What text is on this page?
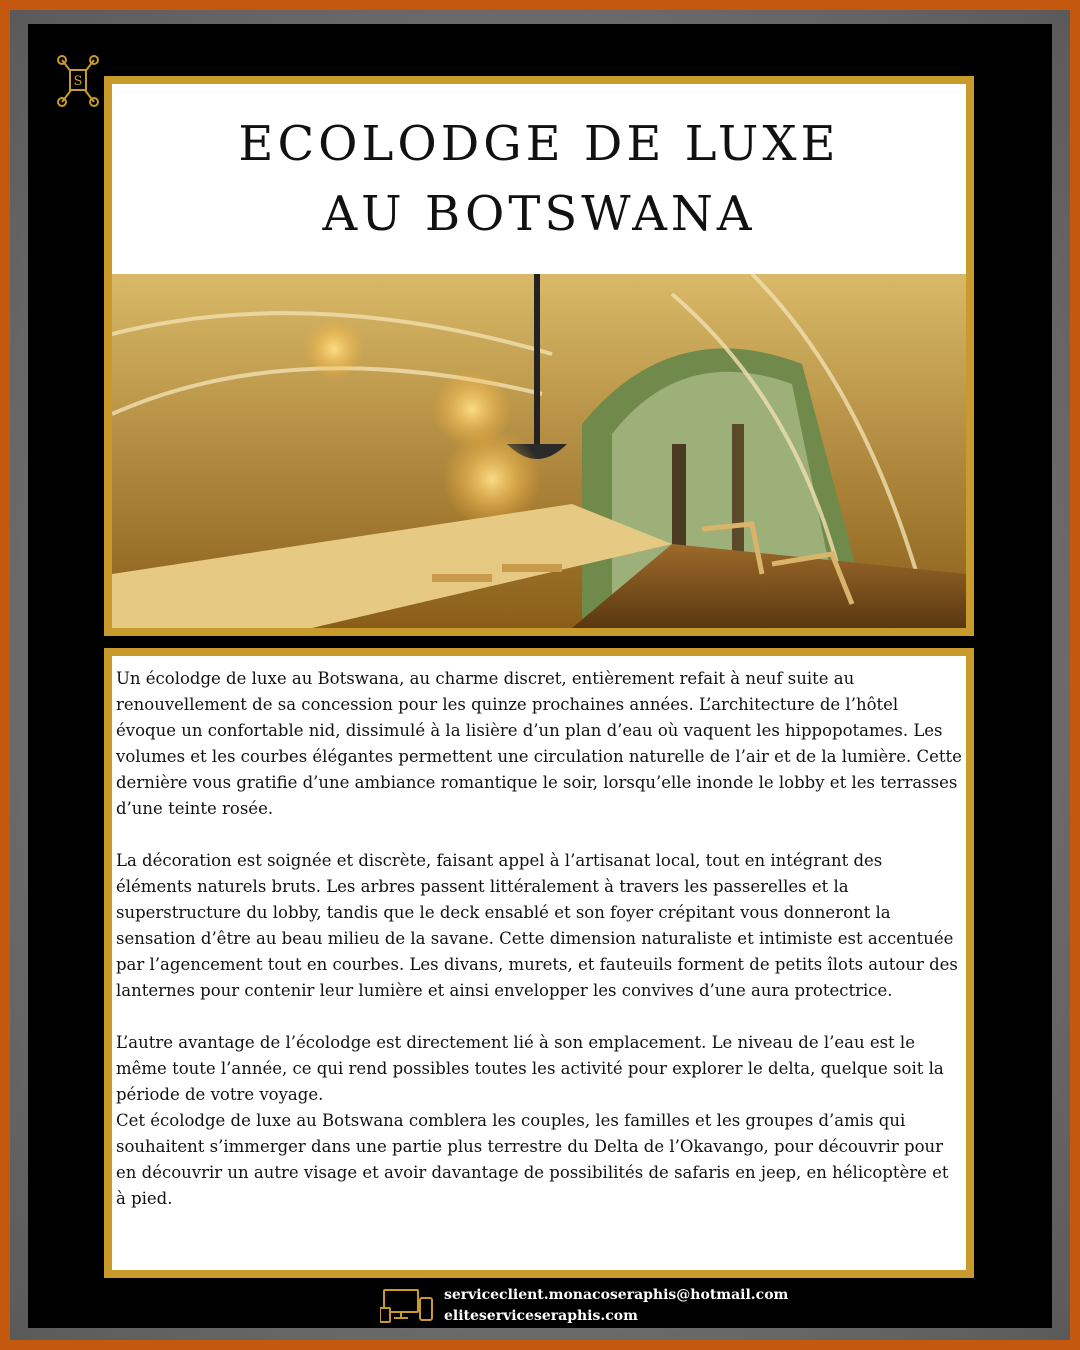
S
ECOLODGE DE LUXE AU BOTSWANA

Un écolodge de luxe au Botswana, au charme discret, entièrement refait à neuf suite au renouvellement de sa concession pour les quinze prochaines années. L’architecture de l’hôtel évoque un confortable nid, dissimulé à la lisière d’un plan d’eau où vaquent les hippopotames. Les volumes et les courbes élégantes permettent une circulation naturelle de l’air et de la lumière. Cette dernière vous gratifie d’une ambiance romantique le soir, lorsqu’elle inonde le lobby et les terrasses d’une teinte rosée.

La décoration est soignée et discrète, faisant appel à l’artisanat local, tout en intégrant des éléments naturels bruts. Les arbres passent littéralement à travers les passerelles et la superstructure du lobby, tandis que le deck ensablé et son foyer crépitant vous donneront la sensation d’être au beau milieu de la savane. Cette dimension naturaliste et intimiste est accentuée par l’agencement tout en courbes. Les divans, murets, et fauteuils forment de petits îlots autour des lanternes pour contenir leur lumière et ainsi envelopper les convives d’une aura protectrice.

L’autre avantage de l’écolodge est directement lié à son emplacement. Le niveau de l’eau est le même toute l’année, ce qui rend possibles toutes les activité pour explorer le delta, quelque soit la période de votre voyage.

Cet écolodge de luxe au Botswana comblera les couples, les familles et les groupes d’amis qui souhaitent s’immerger dans une partie plus terrestre du Delta de l’Okavango, pour découvrir pour en découvrir un autre visage et avoir davantage de possibilités de safaris en jeep, en hélicoptère et à pied.

serviceclient.monacoseraphis@hotmail.com
eliteserviceseraphis.com
